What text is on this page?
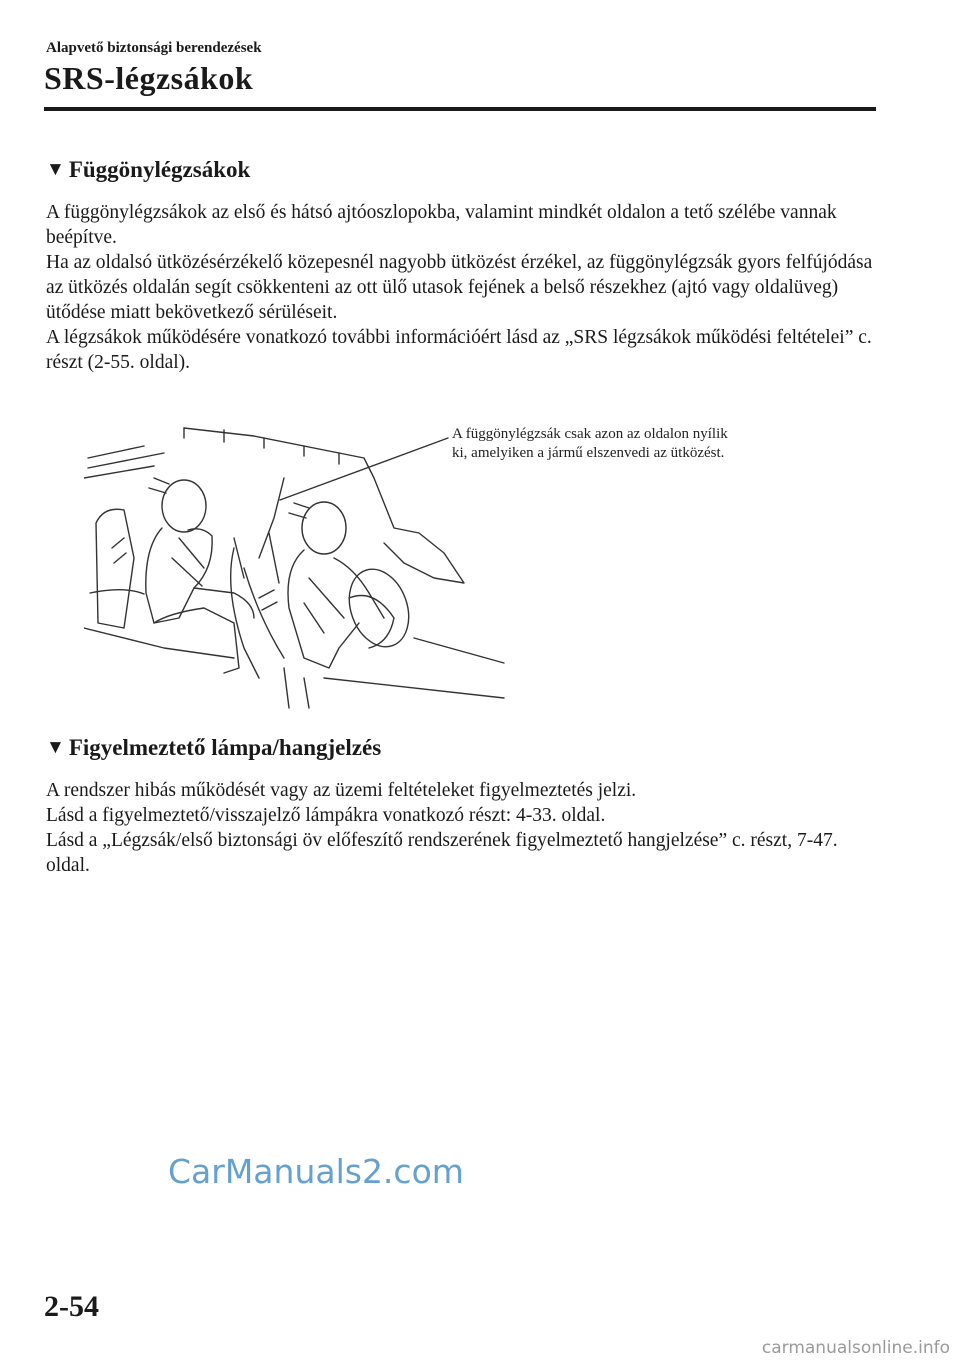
Alapvető biztonsági berendezések
SRS-légzsákok
▼ Függönylégzsákok

A függönylégzsákok az első és hátsó ajtóoszlopokba, valamint mindkét oldalon a tető szélébe vannak beépítve.

Ha az oldalsó ütközésérzékelő közepesnél nagyobb ütközést érzékel, az függönylégzsák gyors felfújódása az ütközés oldalán segít csökkenteni az ott ülő utasok fejének a belső részekhez (ajtó vagy oldalüveg) ütődése miatt bekövetkező sérüléseit.

A légzsákok működésére vonatkozó további információért lásd az „SRS légzsákok működési feltételei” c. részt (2-55. oldal).

A függönylégzsák csak azon az oldalon nyílik
ki, amelyiken a jármű elszenvedi az ütközést.
▼ Figyelmeztető lámpa/hangjelzés

A rendszer hibás működését vagy az üzemi feltételeket figyelmeztetés jelzi.

Lásd a figyelmeztető/visszajelző lámpákra vonatkozó részt: 4-33. oldal.

Lásd a „Légzsák/első biztonsági öv előfeszítő rendszerének figyelmeztető hangjelzése” c. részt, 7-47. oldal.

CarManuals2.com
2-54
carmanualsonline.info
